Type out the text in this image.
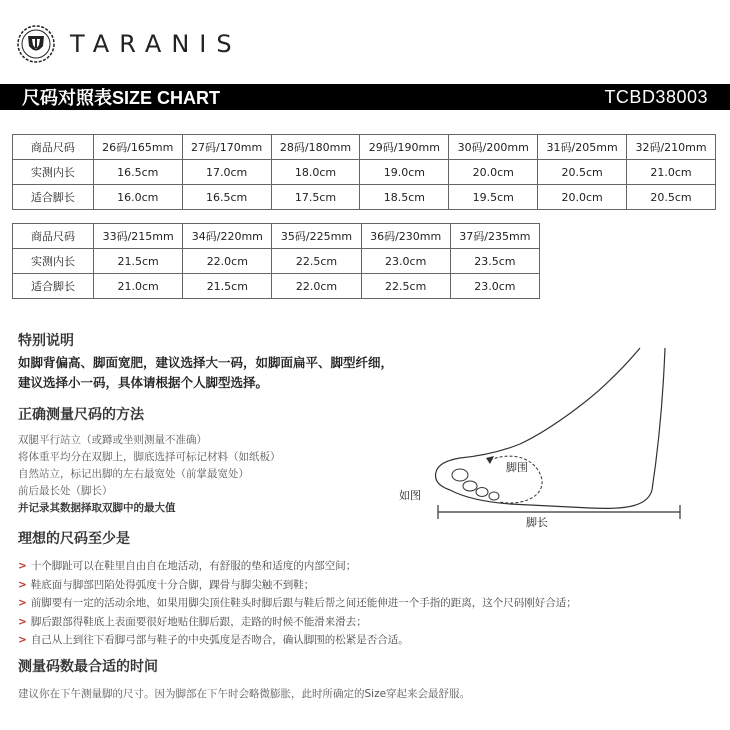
TARANIS
尺码对照表SIZE CHART	TCBD38003
商品尺码	26码/165mm	27码/170mm	28码/180mm	29码/190mm	30码/200mm	31码/205mm	32码/210mm
实测内长	16.5cm	17.0cm	18.0cm	19.0cm	20.0cm	20.5cm	21.0cm
适合脚长	16.0cm	16.5cm	17.5cm	18.5cm	19.5cm	20.0cm	20.5cm
商品尺码	33码/215mm	34码/220mm	35码/225mm	36码/230mm	37码/235mm
实测内长	21.5cm	22.0cm	22.5cm	23.0cm	23.5cm
适合脚长	21.0cm	21.5cm	22.0cm	22.5cm	23.0cm
特别说明
如脚背偏高、脚面宽肥，建议选择大一码，如脚面扁平、脚型纤细，
建议选择小一码，具体请根据个人脚型选择。
正确测量尺码的方法
双腿平行站立（或蹲或坐则测量不准确）
将体重平均分在双脚上，脚底选择可标记材料（如纸板）
自然站立，标记出脚的左右最宽处（前掌最宽处）
前后最长处（脚长）
并记录其数据择取双脚中的最大值
脚围
如图
脚长
理想的尺码至少是
> 十个脚趾可以在鞋里自由自在地活动，有舒服的垫和适度的内部空间；
> 鞋底面与脚部凹陷处得弧度十分合脚，踝骨与脚尖触不到鞋；
> 前脚要有一定的活动余地，如果用脚尖顶住鞋头时脚后跟与鞋后帮之间还能伸进一个手指的距离，这个尺码刚好合适；
> 脚后跟部得鞋底上表面要很好地贴住脚后跟，走路的时候不能滑来滑去；
> 自己从上到往下看脚弓部与鞋子的中央弧度是否吻合，确认脚围的松紧是否合适。
测量码数最合适的时间
建议你在下午测量脚的尺寸。因为脚部在下午时会略微膨胀，此时所确定的Size穿起来会最舒服。
